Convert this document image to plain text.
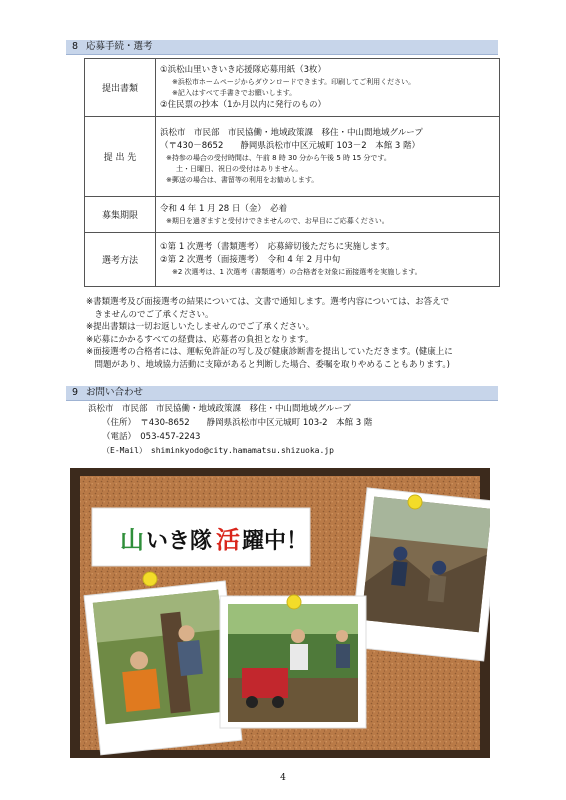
8 応募手続・選考
提出書類	①浜松山里いきいき応援隊応募用紙（3枚）
※浜松市ホームページからダウンロードできます。印刷してご利用ください。
※記入はすべて手書きでお願いします。
②住民票の抄本（1か月以内に発行のもの）

提 出 先	浜松市　市民部　市民協働・地域政策課　移住・中山間地域グループ
（〒430－8652　　静岡県浜松市中区元城町 103－2　本館 3 階）
※持参の場合の受付時間は、午前 8 時 30 分から午後 5 時 15 分です。
土・日曜日、祝日の受付はありません。
※郵送の場合は、書留等の利用をお勧めします。

募集期限	令和 4 年 1 月 28 日（金）　必着
※期日を過ぎますと受付けできませんので、お早目にご応募ください。

選考方法	①第 1 次選考（書類選考）　応募締切後ただちに実施します。
②第 2 次選考（面接選考）　令和 4 年 2 月中旬
※2 次選考は、1 次選考（書類選考）の合格者を対象に面接選考を実施します。
※書類選考及び面接選考の結果については、文書で通知します。選考内容については、お答えで
　きませんのでご了承ください。
※提出書類は一切お返しいたしませんのでご了承ください。
※応募にかかるすべての経費は、応募者の負担となります。
※面接選考の合格者には、運転免許証の写し及び健康診断書を提出していただきます。(健康上に
　問題があり、地域協力活動に支障があると判断した場合、委嘱を取りやめることもあります。)
9 お問い合わせ
浜松市　市民部　市民協働・地域政策課　移住・中山間地域グループ
（住所）　〒430-8652　　静岡県浜松市中区元城町 103-2　本館 3 階
（電話）　053-457-2243
（E-Mail）　shiminkyodo@city.hamamatsu.shizuoka.jp
山 いき隊 活 躍中！
4
